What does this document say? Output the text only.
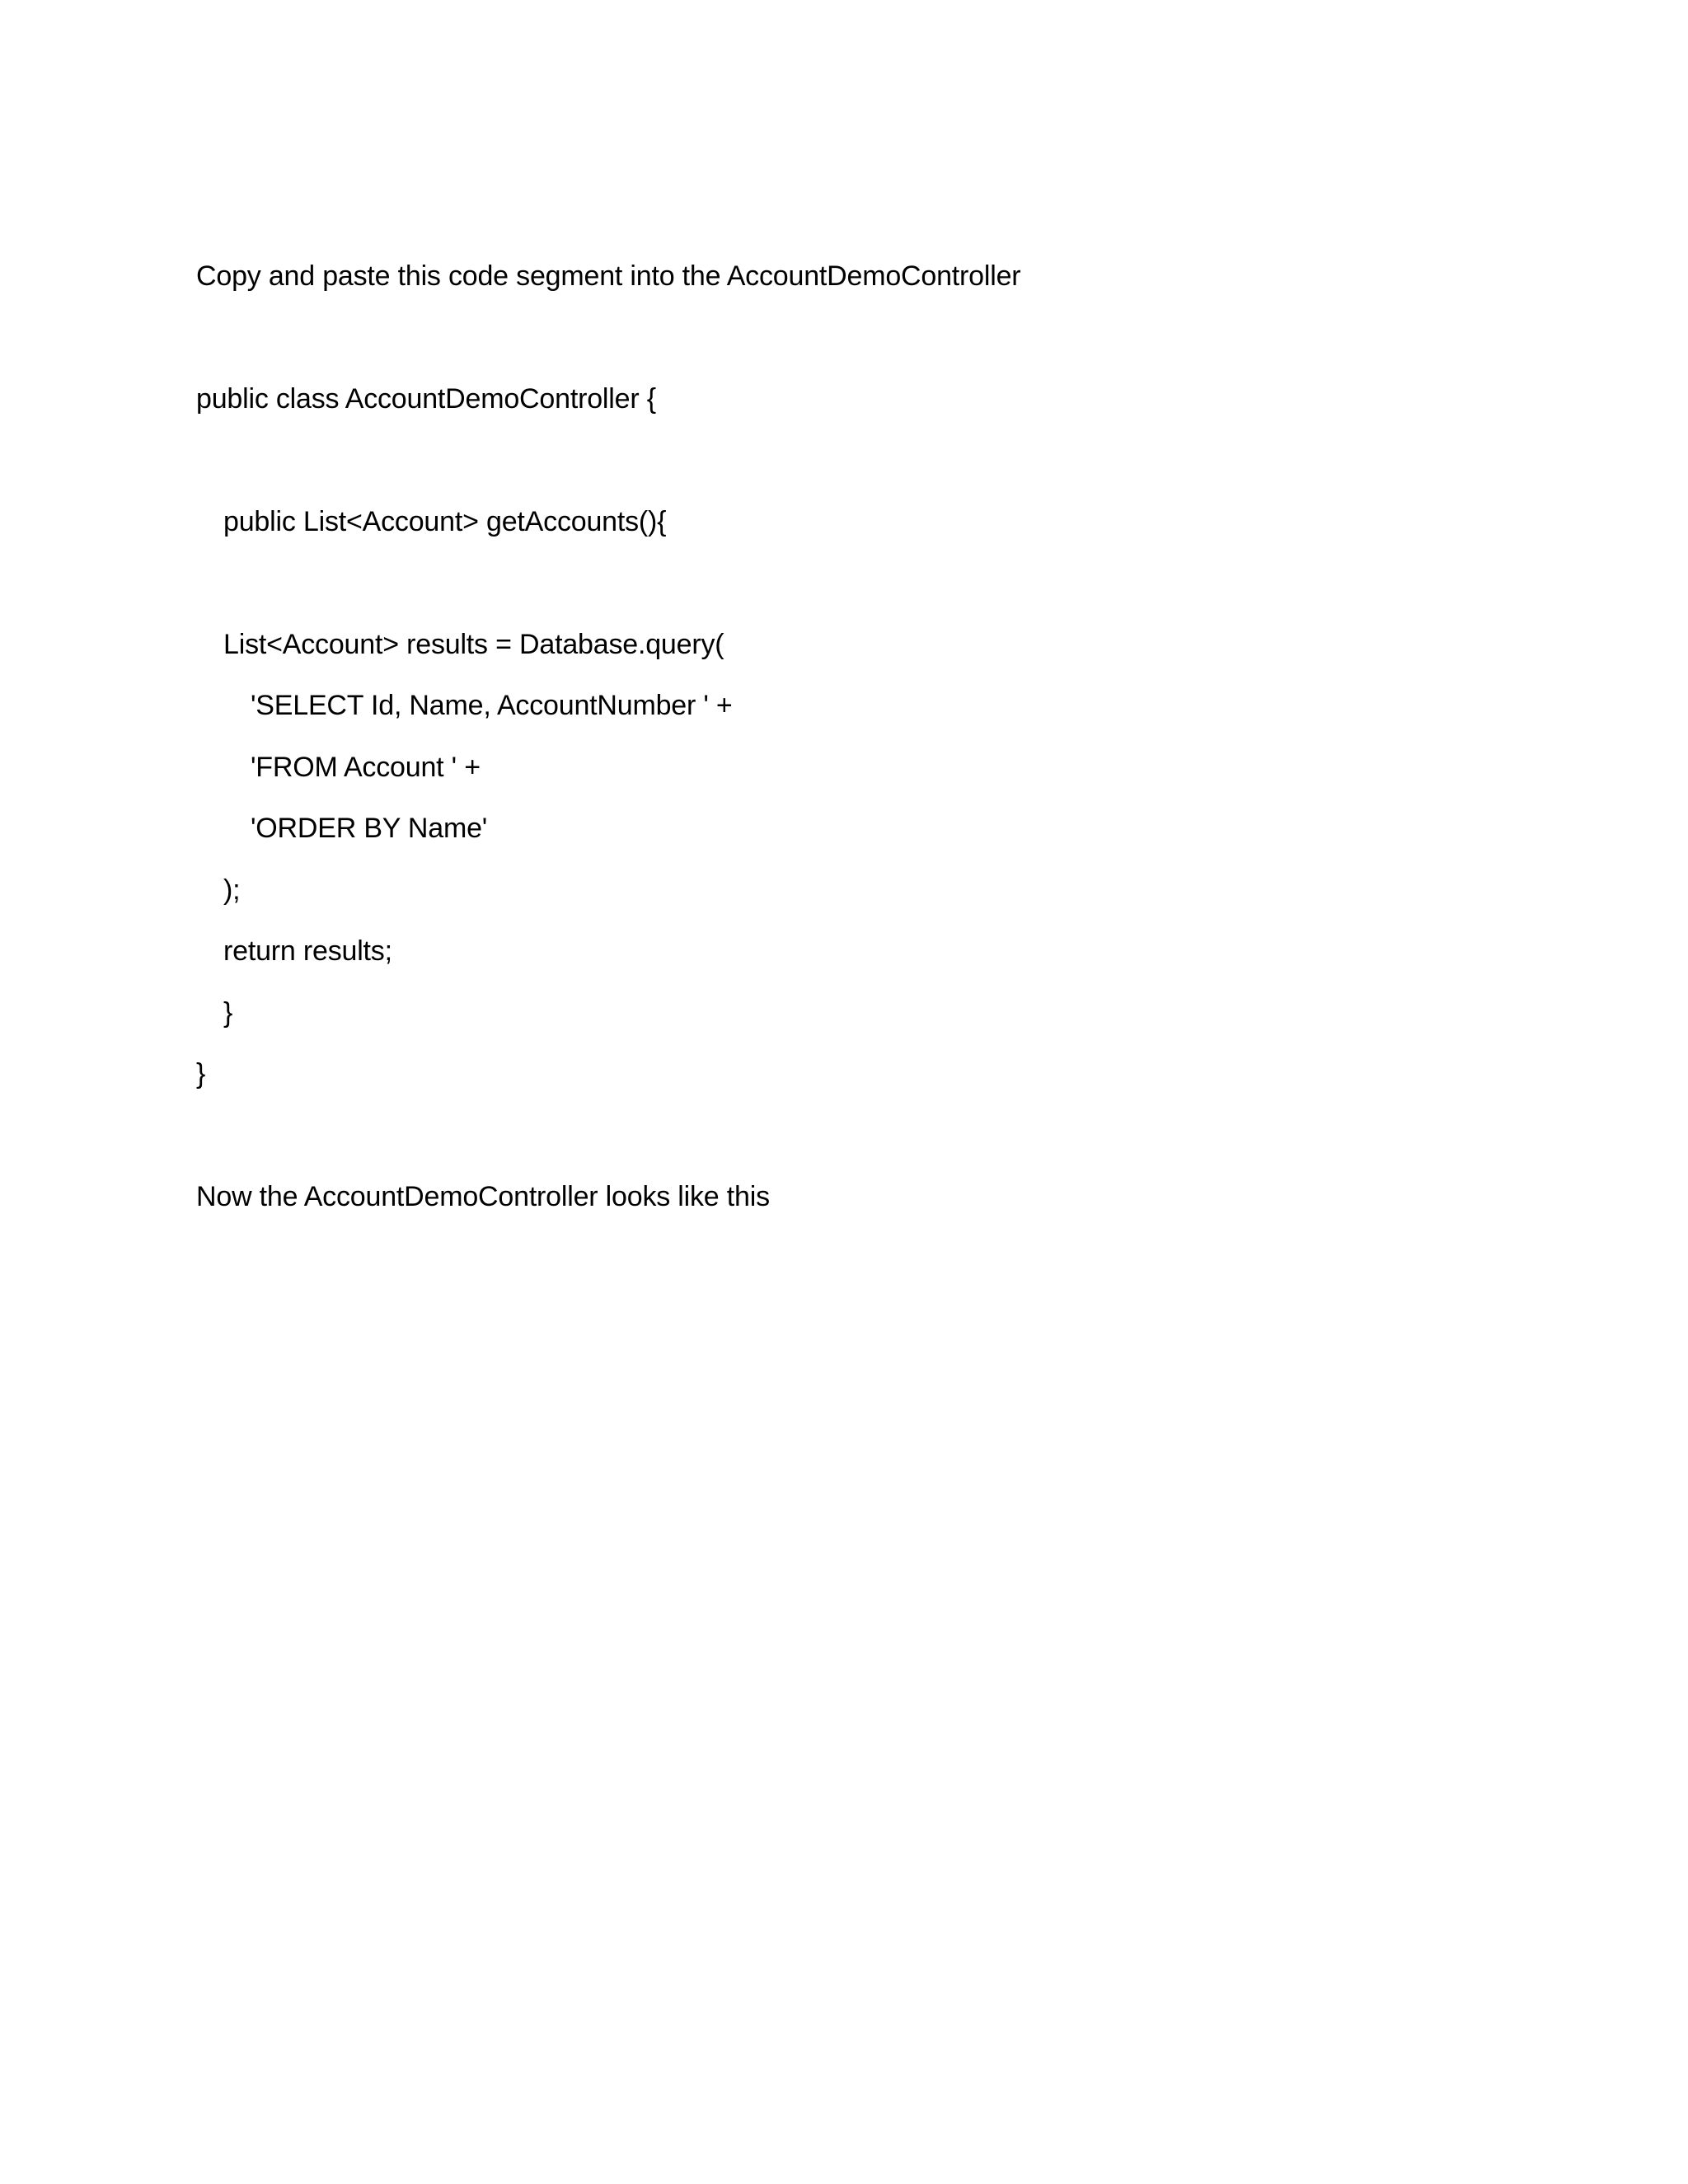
Copy and paste this code segment into the AccountDemoController
public class AccountDemoController {
public List<Account> getAccounts(){
List<Account> results = Database.query(
'SELECT Id, Name, AccountNumber ' +
'FROM Account ' +
'ORDER BY Name'
);
return results;
}
}
Now the AccountDemoController looks like this
